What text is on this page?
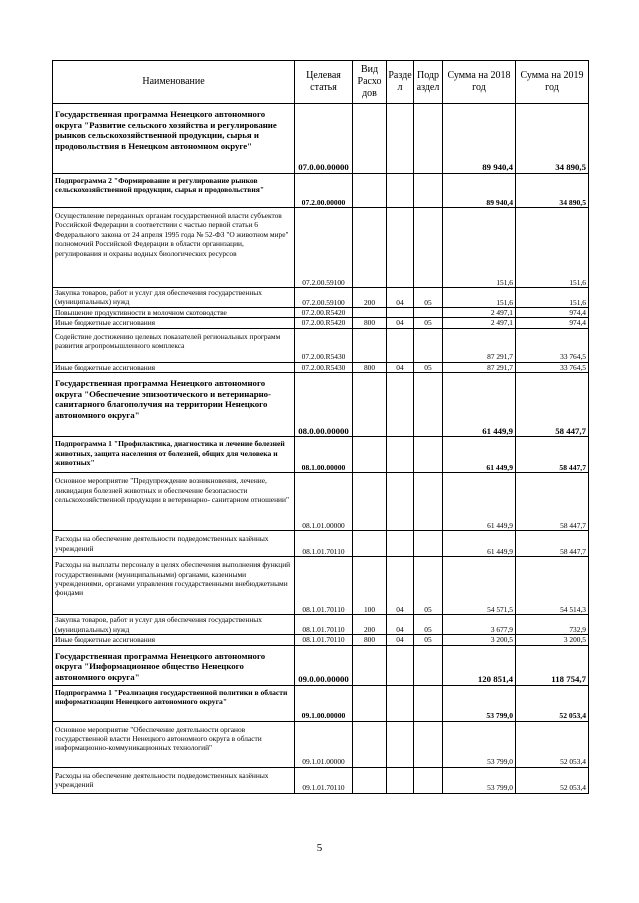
Наименование	Целевая статья	Вид Расхо дов	Разде л	Подр аздел	Сумма на 2018 год	Сумма на 2019 год
Государственная программа Ненецкого автономного округа "Развитие сельского хозяйства и регулирование рынков сельскохозяйственной продукции, сырья и продовольствия в Ненецком автономном округе"	07.0.00.00000				89 940,4	34 890,5
Подпрограмма 2 "Формирование и регулирование рынков сельскохозяйственной продукции, сырья и продовольствия"	07.2.00.00000				89 940,4	34 890,5
Осуществление переданных органам государственной власти субъектов Российской Федерации в соответствии с частью первой статьи 6 Федерального закона от 24 апреля 1995 года № 52-ФЗ "О животном мире" полномочий Российской Федерации в области организации, регулирования и охраны водных биологических ресурсов	07.2.00.59100				151,6	151,6
Закупка товаров, работ и услуг для обеспечения государственных (муниципальных) нужд	07.2.00.59100	200	04	05	151,6	151,6
Повышение продуктивности в молочном скотоводстве	07.2.00.R5420				2 497,1	974,4
Иные бюджетные ассигнования	07.2.00.R5420	800	04	05	2 497,1	974,4
Содействие достижению целевых показателей региональных программ развития агропромышленного комплекса	07.2.00.R5430				87 291,7	33 764,5
Иные бюджетные ассигнования	07.2.00.R5430	800	04	05	87 291,7	33 764,5
Государственная программа Ненецкого автономного округа "Обеспечение эпизоотического и ветеринарно-санитарного благополучия на территории Ненецкого автономного округа"	08.0.00.00000				61 449,9	58 447,7
Подпрограмма 1 "Профилактика, диагностика и лечение болезней животных, защита населения от болезней, общих для человека и животных"	08.1.00.00000				61 449,9	58 447,7
Основное мероприятие "Предупреждение возникновения, лечение, ликвидация болезней животных и обеспечение безопасности сельскохозяйственной продукции в ветеринарно- санитарном отношении"	08.1.01.00000				61 449,9	58 447,7
Расходы на обеспечение деятельности подведомственных казённых учреждений	08.1.01.70110				61 449,9	58 447,7
Расходы на выплаты персоналу в целях обеспечения выполнения функций государственными (муниципальными) органами, казенными учреждениями, органами управления государственными внебюджетными фондами	08.1.01.70110	100	04	05	54 571,5	54 514,3
Закупка товаров, работ и услуг для обеспечения государственных (муниципальных) нужд	08.1.01.70110	200	04	05	3 677,9	732,9
Иные бюджетные ассигнования	08.1.01.70110	800	04	05	3 200,5	3 200,5
Государственная программа Ненецкого автономного округа "Информационное общество Ненецкого автономного округа"	09.0.00.00000				120 851,4	118 754,7
Подпрограмма 1 "Реализация государственной политики в области информатизации Ненецкого автономного округа"	09.1.00.00000				53 799,0	52 053,4
Основное мероприятие "Обеспечение деятельности органов государственной власти Ненецкого автономного округа в области информационно-коммуникационных технологий"	09.1.01.00000				53 799,0	52 053,4
Расходы на обеспечение деятельности подведомственных казённых учреждений	09.1.01.70110				53 799,0	52 053,4
5
